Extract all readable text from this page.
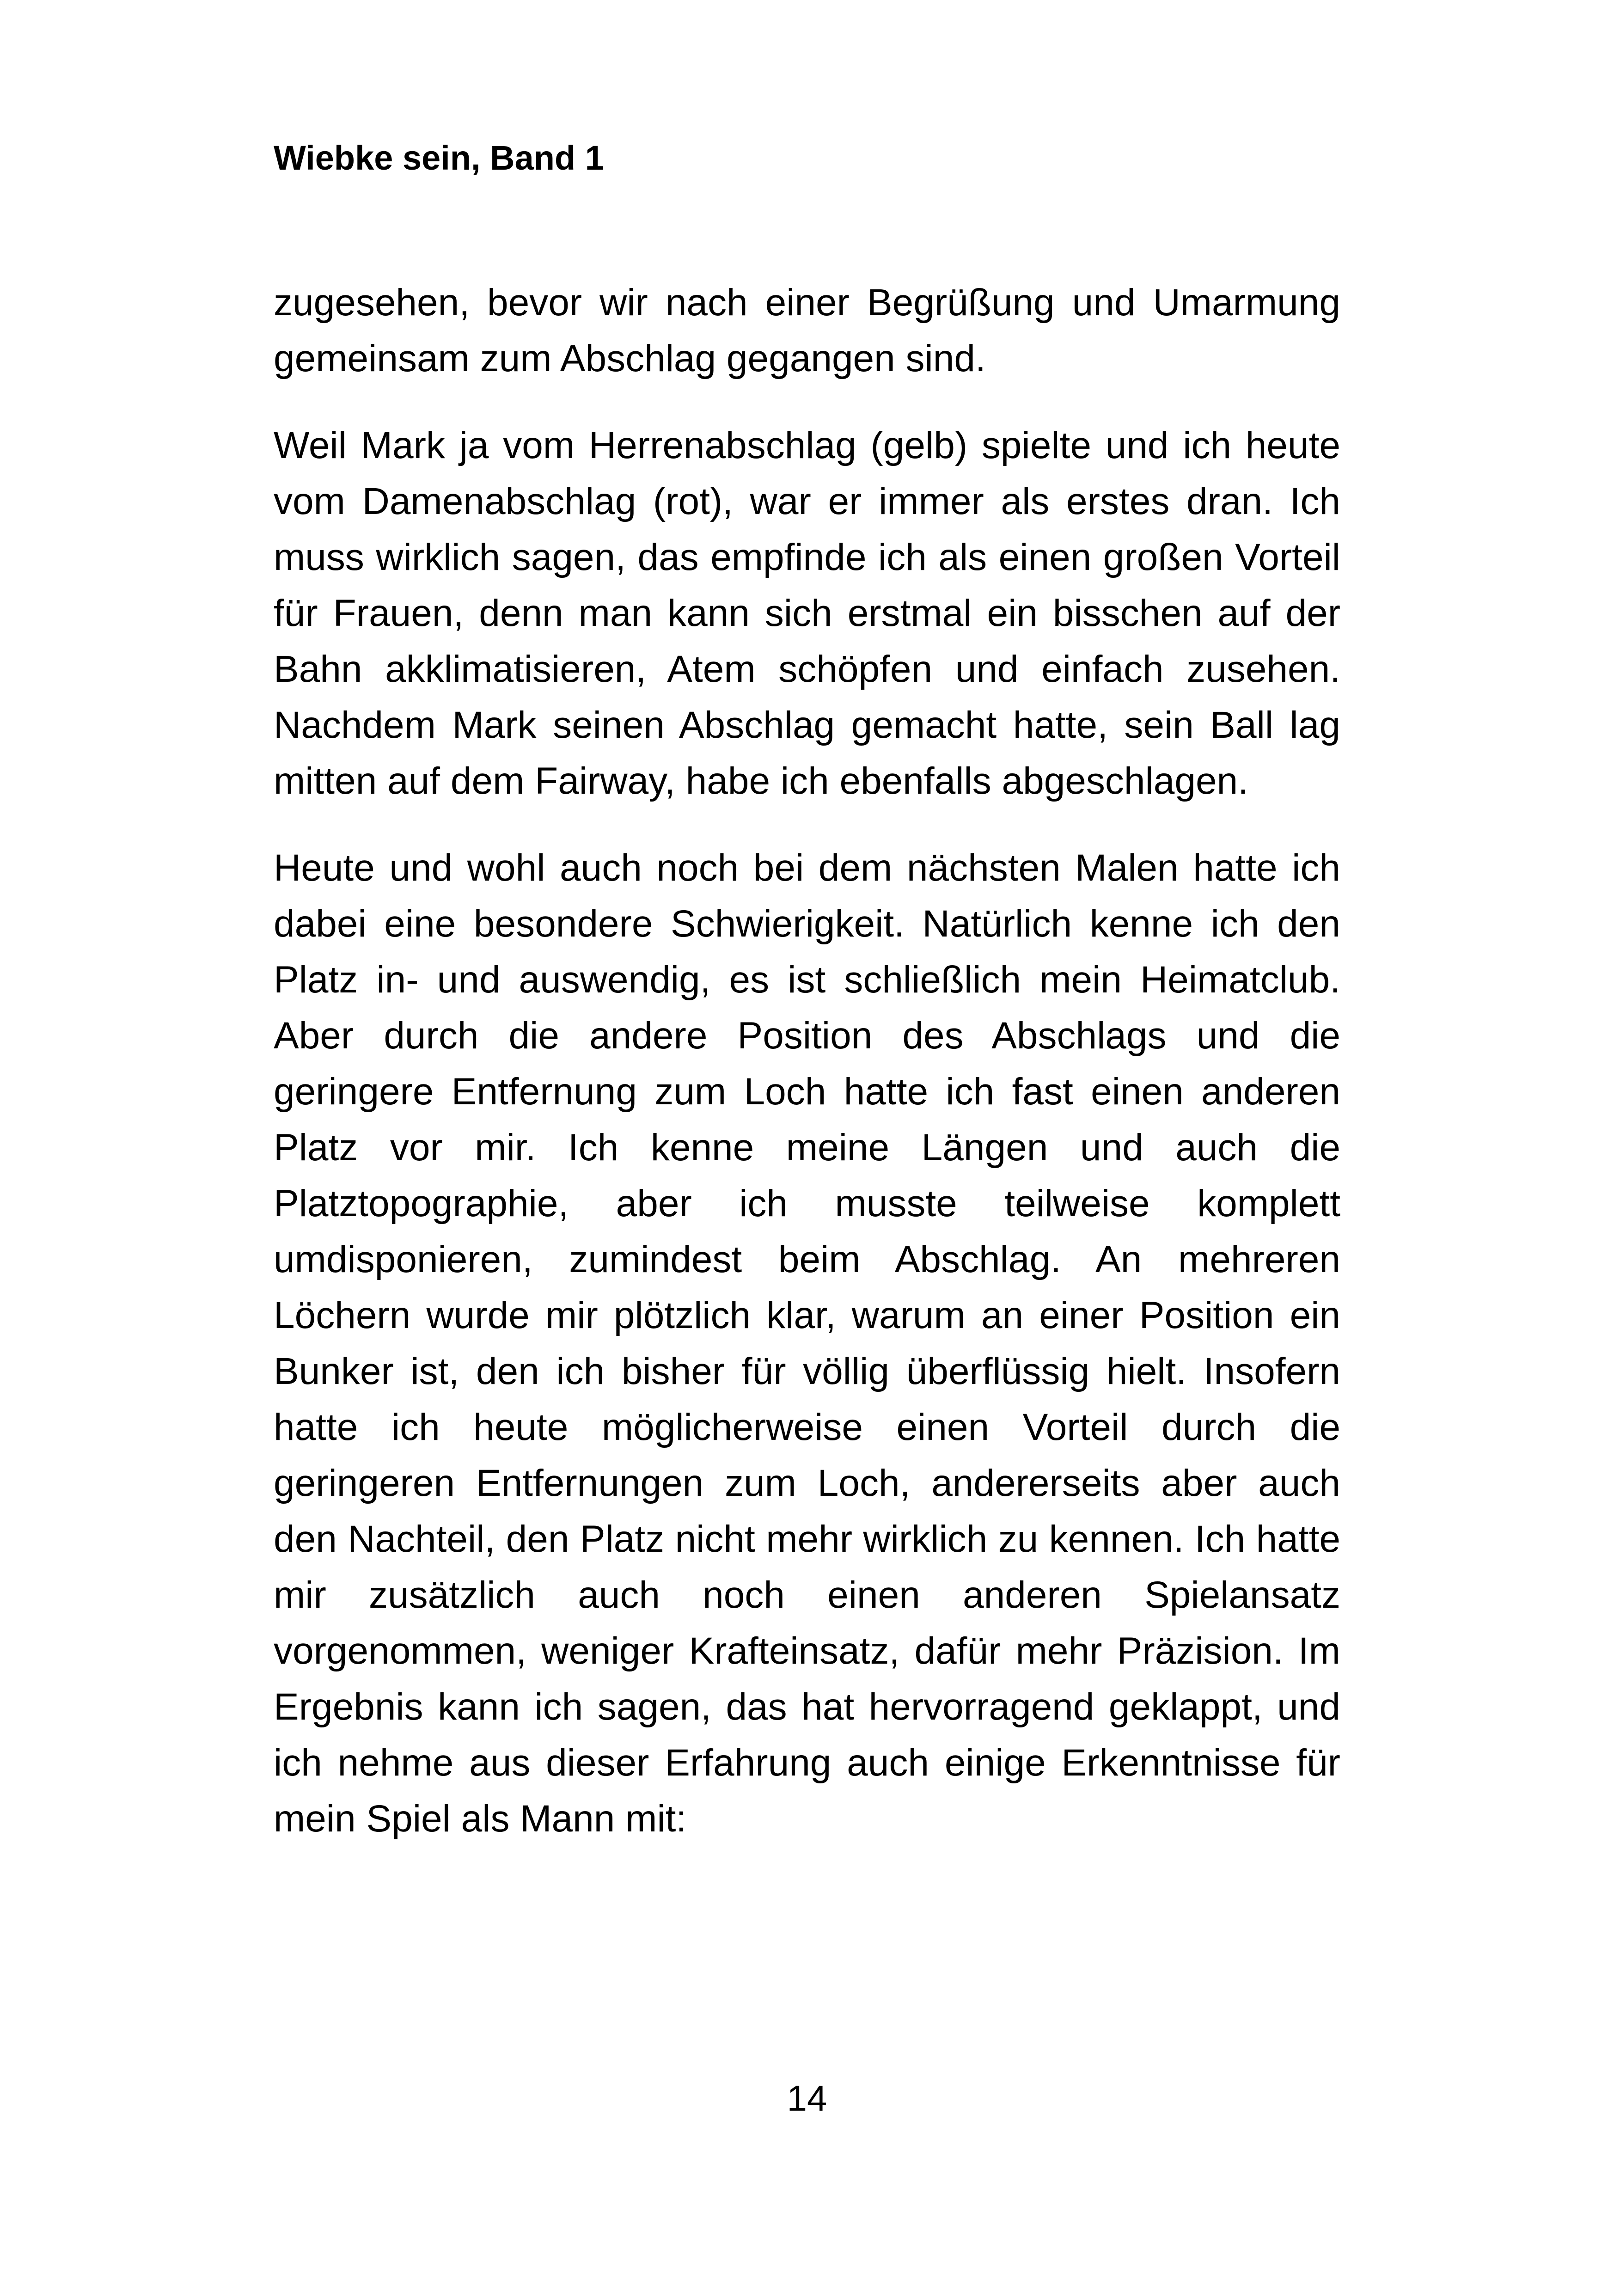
Wiebke sein, Band 1

zugesehen, bevor wir nach einer Begrüßung und Umarmung gemeinsam zum Abschlag gegangen sind.

Weil Mark ja vom Herrenabschlag (gelb) spielte und ich heute vom Damenabschlag (rot), war er immer als erstes dran. Ich muss wirklich sagen, das empfinde ich als einen großen Vorteil für Frauen, denn man kann sich erstmal ein bisschen auf der Bahn akklimatisieren, Atem schöpfen und einfach zusehen. Nachdem Mark seinen Abschlag gemacht hatte, sein Ball lag mitten auf dem Fairway, habe ich ebenfalls abgeschlagen.

Heute und wohl auch noch bei dem nächsten Malen hatte ich dabei eine besondere Schwierigkeit. Natürlich kenne ich den Platz in- und auswendig, es ist schließlich mein Heimatclub. Aber durch die andere Position des Abschlags und die geringere Entfernung zum Loch hatte ich fast einen anderen Platz vor mir. Ich kenne meine Längen und auch die Platztopographie, aber ich musste teilweise komplett umdisponieren, zumindest beim Abschlag. An mehreren Löchern wurde mir plötzlich klar, warum an einer Position ein Bunker ist, den ich bisher für völlig überflüssig hielt. Insofern hatte ich heute möglicherweise einen Vorteil durch die geringeren Entfernungen zum Loch, andererseits aber auch den Nachteil, den Platz nicht mehr wirklich zu kennen. Ich hatte mir zusätzlich auch noch einen anderen Spielansatz vorgenommen, weniger Krafteinsatz, dafür mehr Präzision. Im Ergebnis kann ich sagen, das hat hervorragend geklappt, und ich nehme aus dieser Erfahrung auch einige Erkenntnisse für mein Spiel als Mann mit:

14
